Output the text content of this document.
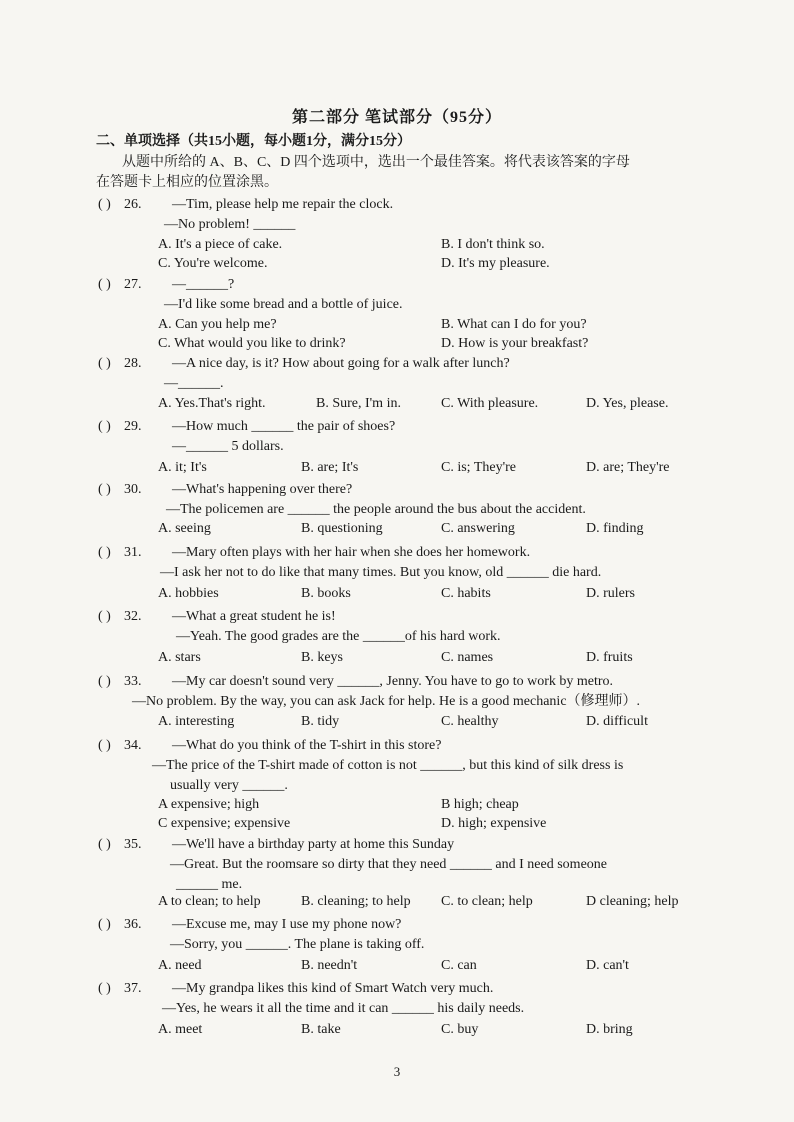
第二部分 笔试部分（95分）
二、单项选择（共15小题，每小题1分，满分15分）
从题中所给的 A、B、C、D 四个选项中，选出一个最佳答案。将代表该答案的字母
在答题卡上相应的位置涂黑。
( ) 26. —Tim, please help me repair the clock.
—No problem! ______
A. It's a piece of cake.	B. I don't think so.
C. You're welcome.	D. It's my pleasure.
( ) 27. —______?
—I'd like some bread and a bottle of juice.
A. Can you help me?	B. What can I do for you?
C. What would you like to drink?	D. How is your breakfast?
( ) 28. —A nice day, is it? How about going for a walk after lunch?
—______.
A. Yes.That's right.	B. Sure, I'm in.	C. With pleasure.	D. Yes, please.
( ) 29. —How much ______ the pair of shoes?
—______ 5 dollars.
A. it; It's	B. are; It's	C. is; They're	D. are; They're
( ) 30. —What's happening over there?
—The policemen are ______ the people around the bus about the accident.
A. seeing	B. questioning	C. answering	D. finding
( ) 31. —Mary often plays with her hair when she does her homework.
—I ask her not to do like that many times. But you know, old ______ die hard.
A. hobbies	B. books	C. habits	D. rulers
( ) 32. —What a great student he is!
—Yeah. The good grades are the ______of his hard work.
A. stars	B. keys	C. names	D. fruits
( ) 33. —My car doesn't sound very ______, Jenny. You have to go to work by metro.
—No problem. By the way, you can ask Jack for help. He is a good mechanic（修理师）.
A. interesting	B. tidy	C. healthy	D. difficult
( ) 34. —What do you think of the T-shirt in this store?
—The price of the T-shirt made of cotton is not ______, but this kind of silk dress is
usually very ______.
A expensive; high	B high; cheap
C expensive; expensive	D. high; expensive
( ) 35. —We'll have a birthday party at home this Sunday
—Great. But the roomsare so dirty that they need ______ and I need someone
______ me.
A to clean; to help	B. cleaning; to help C. to clean; help	D cleaning; help
( ) 36. —Excuse me, may I use my phone now?
—Sorry, you ______. The plane is taking off.
A. need	B. needn't	C. can	D. can't
( ) 37. —My grandpa likes this kind of Smart Watch very much.
—Yes, he wears it all the time and it can ______ his daily needs.
A. meet	B. take	C. buy	D. bring
3
